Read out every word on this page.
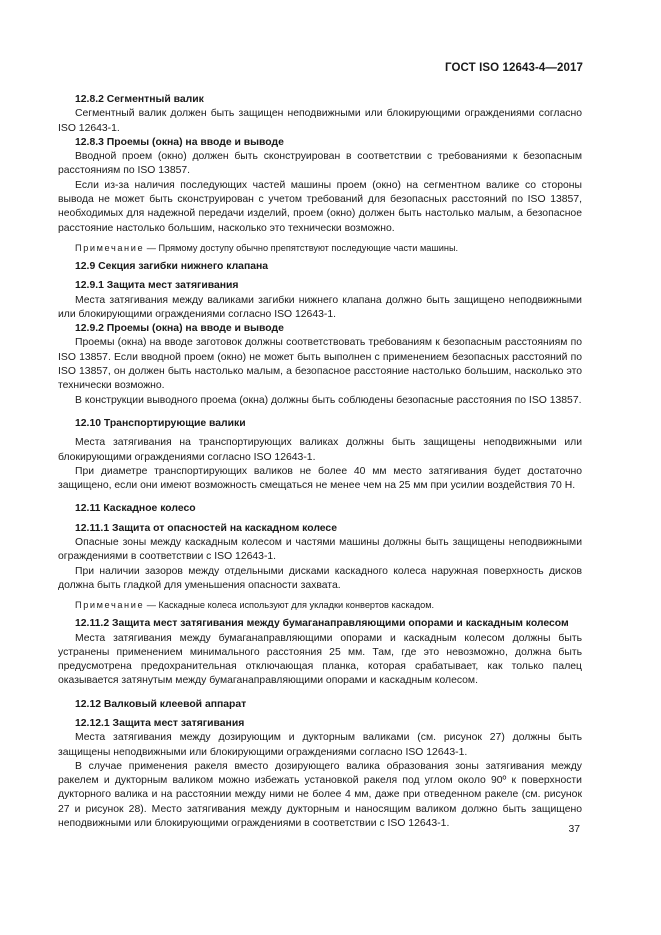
ГОСТ ISO 12643-4—2017
12.8.2 Сегментный валик

Сегментный валик должен быть защищен неподвижными или блокирующими ограждениями согласно ISO 12643-1.

12.8.3 Проемы (окна) на вводе и выводе

Вводной проем (окно) должен быть сконструирован в соответствии с требованиями к безопасным расстояниям по ISO 13857.

Если из-за наличия последующих частей машины проем (окно) на сегментном валике со стороны вывода не может быть сконструирован с учетом требований для безопасных расстояний по ISO 13857, необходимых для надежной передачи изделий, проем (окно) должен быть настолько малым, а безопасное расстояние настолько большим, насколько это технически возможно.

Примечание — Прямому доступу обычно препятствуют последующие части машины.
12.9 Секция загибки нижнего клапана
12.9.1 Защита мест затягивания

Места затягивания между валиками загибки нижнего клапана должно быть защищено неподвижными или блокирующими ограждениями согласно ISO 12643-1.

12.9.2 Проемы (окна) на вводе и выводе

Проемы (окна) на вводе заготовок должны соответствовать требованиям к безопасным расстояниям по ISO 13857. Если вводной проем (окно) не может быть выполнен с применением безопасных расстояний по ISO 13857, он должен быть настолько малым, а безопасное расстояние настолько большим, насколько это технически возможно.

В конструкции выводного проема (окна) должны быть соблюдены безопасные расстояния по ISO 13857.

12.10 Транспортирующие валики

Места затягивания на транспортирующих валиках должны быть защищены неподвижными или блокирующими ограждениями согласно ISO 12643-1.

При диаметре транспортирующих валиков не более 40 мм место затягивания будет достаточно защищено, если они имеют возможность смещаться не менее чем на 25 мм при усилии воздействия 70 Н.

12.11 Каскадное колесо
12.11.1 Защита от опасностей на каскадном колесе

Опасные зоны между каскадным колесом и частями машины должны быть защищены неподвижными ограждениями в соответствии с ISO 12643-1.

При наличии зазоров между отдельными дисками каскадного колеса наружная поверхность дисков должна быть гладкой для уменьшения опасности захвата.

Примечание — Каскадные колеса используют для укладки конвертов каскадом.
12.11.2 Защита мест затягивания между бумаганаправляющими опорами и каскадным колесом

Места затягивания между бумаганаправляющими опорами и каскадным колесом должны быть устранены применением минимального расстояния 25 мм. Там, где это невозможно, должна быть предусмотрена предохранительная отключающая планка, которая срабатывает, как только палец оказывается затянутым между бумаганаправляющими опорами и каскадным колесом.

12.12 Валковый клеевой аппарат
12.12.1 Защита мест затягивания

Места затягивания между дозирующим и дукторным валиками (см. рисунок 27) должны быть защищены неподвижными или блокирующими ограждениями согласно ISO 12643-1.

В случае применения ракеля вместо дозирующего валика образования зоны затягивания между ракелем и дукторным валиком можно избежать установкой ракеля под углом около 90º к поверхности дукторного валика и на расстоянии между ними не более 4 мм, даже при отведенном ракеле (см. рисунок 27 и рисунок 28). Место затягивания между дукторным и наносящим валиком должно быть защищено неподвижными или блокирующими ограждениями в соответствии с ISO 12643-1.

37
